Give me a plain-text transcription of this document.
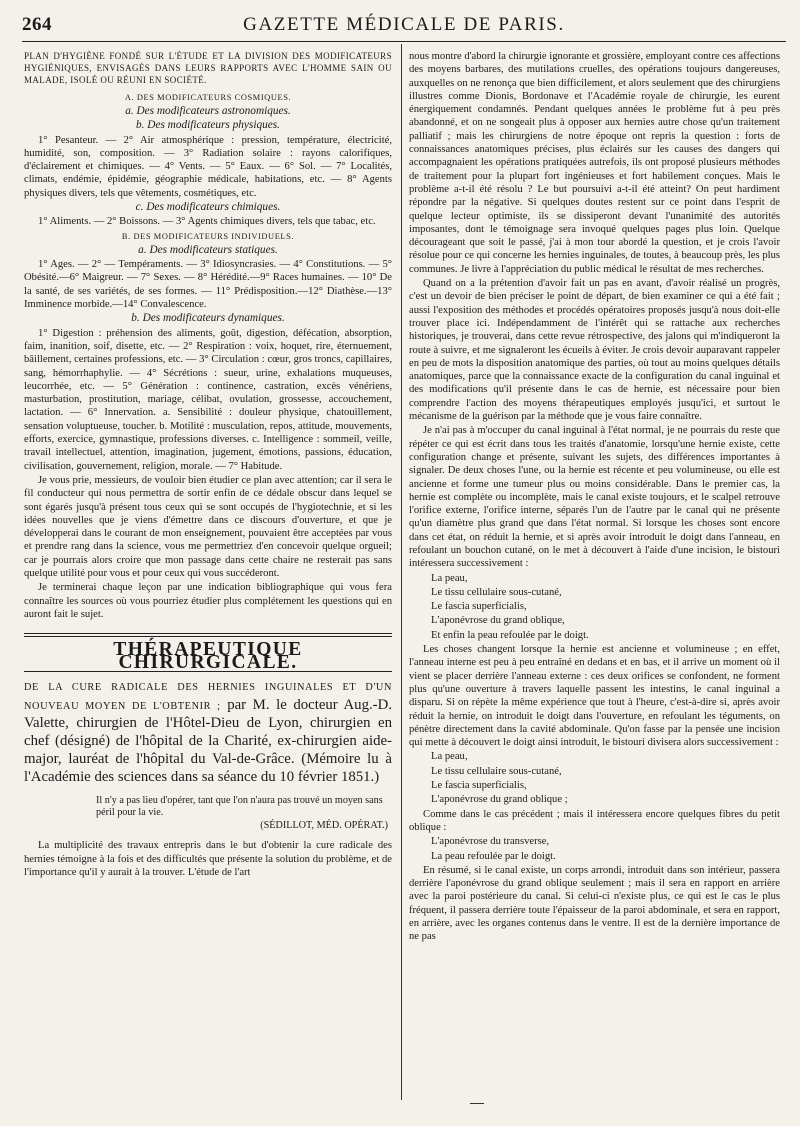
GAZETTE MÉDICALE DE PARIS.
264

PLAN D'HYGIÈNE FONDÉ SUR L'ÉTUDE ET LA DIVISION DES MODIFICATEURS HYGIÉNIQUES, ENVISAGÉS DANS LEURS RAPPORTS AVEC L'HOMME SAIN OU MALADE, ISOLÉ OU RÉUNI EN SOCIÉTÉ.

A. DES MODIFICATEURS COSMIQUES.

a. Des modificateurs astronomiques.

b. Des modificateurs physiques.

1° Pesanteur. — 2° Air atmosphérique : pression, température, électricité, humidité, son, composition. — 3° Radiation solaire : rayons calorifiques, d'éclairement et chimiques. — 4° Vents. — 5° Eaux. — 6° Sol. — 7° Localités, climats, endémie, épidémie, géographie médicale, habitations, etc. — 8° Agents physiques divers, tels que vêtements, cosmétiques, etc.

c. Des modificateurs chimiques.

1° Aliments. — 2° Boissons. — 3° Agents chimiques divers, tels que tabac, etc.

B. DES MODIFICATEURS INDIVIDUELS.

a. Des modificateurs statiques.

1° Ages. — 2° — Tempéraments. — 3° Idiosyncrasies. — 4° Constitutions. — 5° Obésité.—6° Maigreur. — 7° Sexes. — 8° Hérédité.—9° Races humaines. — 10° De la santé, de ses variétés, de ses formes. — 11° Prédisposition.—12° Diathèse.—13° Imminence morbide.—14° Convalescence.

b. Des modificateurs dynamiques.

1° Digestion : préhension des aliments, goût, digestion, défécation, absorption, faim, inanition, soif, disette, etc. — 2° Respiration : voix, hoquet, rire, éternuement, bâillement, certaines professions, etc. — 3° Circulation : cœur, gros troncs, capillaires, sang, hémorrhaphylie. — 4° Sécrétions : sueur, urine, exhalations muqueuses, leucorrhée, etc. — 5° Génération : continence, castration, excès vénériens, masturbation, prostitution, mariage, célibat, ovulation, grossesse, accouchement, lactation. — 6° Innervation. a. Sensibilité : douleur physique, chatouillement, sensation voluptueuse, toucher. b. Motilité : musculation, repos, attitude, mouvements, efforts, exercice, gymnastique, professions diverses. c. Intelligence : sommeil, veille, travail intellectuel, attention, imagination, jugement, émotions, passions, éducation, civilisation, gouvernement, religion, morale. — 7° Habitude.

Je vous prie, messieurs, de vouloir bien étudier ce plan avec attention; car il sera le fil conducteur qui nous permettra de sortir enfin de ce dédale obscur dans lequel se sont égarés jusqu'à présent tous ceux qui se sont occupés de l'hygiotechnie, et si les idées nouvelles que je viens d'émettre dans ce discours d'ouverture, et que je développerai dans le courant de mon enseignement, pouvaient être acceptées par vous et prendre rang dans la science, vous me permettriez d'en concevoir quelque orgueil; car je pourrais alors croire que mon passage dans cette chaire ne resterait pas sans quelque utilité pour vous et pour ceux qui vous succéderont.

Je terminerai chaque leçon par une indication bibliographique qui vous fera connaître les sources où vous pourriez étudier plus complétement les questions qui en auront fait le sujet.

THÉRAPEUTIQUE CHIRURGICALE.

DE LA CURE RADICALE DES HERNIES INGUINALES ET D'UN NOUVEAU MOYEN DE L'OBTENIR ; par M. le docteur Aug.-D. Valette, chirurgien de l'Hôtel-Dieu de Lyon, chirurgien en chef (désigné) de l'hôpital de la Charité, ex-chirurgien aide-major, lauréat de l'hôpital du Val-de-Grâce. (Mémoire lu à l'Académie des sciences dans sa séance du 10 février 1851.)

Il n'y a pas lieu d'opérer, tant que l'on n'aura pas trouvé un moyen sans péril pour la vie.
(SÉDILLOT, MÉD. OPÉRAT.)

La multiplicité des travaux entrepris dans le but d'obtenir la cure radicale des hernies témoigne à la fois et des difficultés que présente la solution du problème, et de l'importance qu'il y aurait à la trouver. L'étude de l'art

nous montre d'abord la chirurgie ignorante et grossière, employant contre ces affections des moyens barbares, des mutilations cruelles, des opérations toujours dangereuses, auxquelles on ne renonça que bien difficilement, et alors seulement que des chirurgiens illustres comme Dionis, Bordonave et l'Académie royale de chirurgie, les eurent énergiquement condamnés. Pendant quelques années le problème fut à peu près abandonné, et on ne songeait plus à opposer aux hernies autre chose qu'un traitement palliatif ; mais les chirurgiens de notre époque ont repris la question : forts de connaissances anatomiques précises, plus éclairés sur les causes des dangers qui accompagnaient les opérations pratiquées autrefois, ils ont proposé plusieurs méthodes de traitement pour la plupart fort ingénieuses et fort habilement conçues. Mais le problème a-t-il été résolu ? Le but poursuivi a-t-il été atteint? On peut hardiment répondre par la négative. Si quelques doutes restent sur ce point dans l'esprit de quelque lecteur optimiste, ils se dissiperont devant l'unanimité des autorités imposantes, dont le témoignage sera invoqué quelques pages plus loin. Quelque décourageant que soit le passé, j'ai à mon tour abordé la question, et je crois l'avoir résolue pour ce qui concerne les hernies inguinales, de toutes, à beaucoup près, les plus communes. Je livre à l'appréciation du public médical le résultat de mes recherches.

Quand on a la prétention d'avoir fait un pas en avant, d'avoir réalisé un progrès, c'est un devoir de bien préciser le point de départ, de bien examiner ce qui a été fait ; aussi l'exposition des méthodes et procédés opératoires proposés jusqu'à nous doit-elle trouver place ici. Indépendamment de l'intérêt qui se rattache aux recherches historiques, je trouverai, dans cette revue rétrospective, des jalons qui m'indiqueront la route à suivre, et me signaleront les écueils à éviter. Je crois devoir auparavant rappeler en peu de mots la disposition anatomique des parties, où tout au moins quelques détails anatomiques, parce que la connaissance exacte de la configuration du canal inguinal et des modifications qu'il présente dans le cas de hernie, est nécessaire pour bien comprendre l'action des moyens thérapeutiques employés jusqu'ici, et surtout le mécanisme de la guérison par la méthode que je vous faire connaître.

Je n'ai pas à m'occuper du canal inguinal à l'état normal, je ne pourrais du reste que répéter ce qui est écrit dans tous les traités d'anatomie, lorsqu'une hernie existe, cette configuration change et présente, suivant les sujets, des différences importantes à signaler. De deux choses l'une, ou la hernie est récente et peu volumineuse, ou elle est ancienne et forme une tumeur plus ou moins considérable. Dans le premier cas, la hernie est complète ou incomplète, mais le canal existe toujours, et le scalpel retrouve l'orifice externe, l'orifice interne, séparés l'un de l'autre par le canal qui ne présente qu'un diamètre plus grand que dans l'état normal. Si lorsque les choses sont encore dans cet état, on réduit la hernie, et si après avoir introduit le doigt dans l'anneau, en refoulant un bouchon cutané, on le met à découvert à l'aide d'une incision, le bistouri intéressera successivement :

La peau,

Le tissu cellulaire sous-cutané,

Le fascia superficialis,

L'aponévrose du grand oblique,

Et enfin la peau refoulée par le doigt.

Les choses changent lorsque la hernie est ancienne et volumineuse ; en effet, l'anneau interne est peu à peu entraîné en dedans et en bas, et il arrive un moment où il vient se placer derrière l'anneau externe : ces deux orifices se confondent, ne forment plus qu'une ouverture à travers laquelle passent les intestins, le canal inguinal a disparu. Si on répète la même expérience que tout à l'heure, c'est-à-dire si, après avoir réduit la hernie, on introduit le doigt dans l'ouverture, en refoulant les téguments, on pénètre directement dans la cavité abdominale. Qu'on fasse par la pensée une incision qui mette à découvert le doigt ainsi introduit, le bistouri divisera alors successivement :

La peau,

Le tissu cellulaire sous-cutané,

Le fascia superficialis,

L'aponévrose du grand oblique ;

Comme dans le cas précédent ; mais il intéressera encore quelques fibres du petit oblique :

L'aponévrose du transverse,

La peau refoulée par le doigt.

En résumé, si le canal existe, un corps arrondi, introduit dans son intérieur, passera derrière l'aponévrose du grand oblique seulement ; mais il sera en rapport en arrière avec la paroi postérieure du canal. Si celui-ci n'existe plus, ce qui est le cas le plus fréquent, il passera derrière toute l'épaisseur de la paroi abdominale, et sera en rapport, en arrière, avec les organes contenus dans le ventre. Il est de la dernière importance de ne pas
